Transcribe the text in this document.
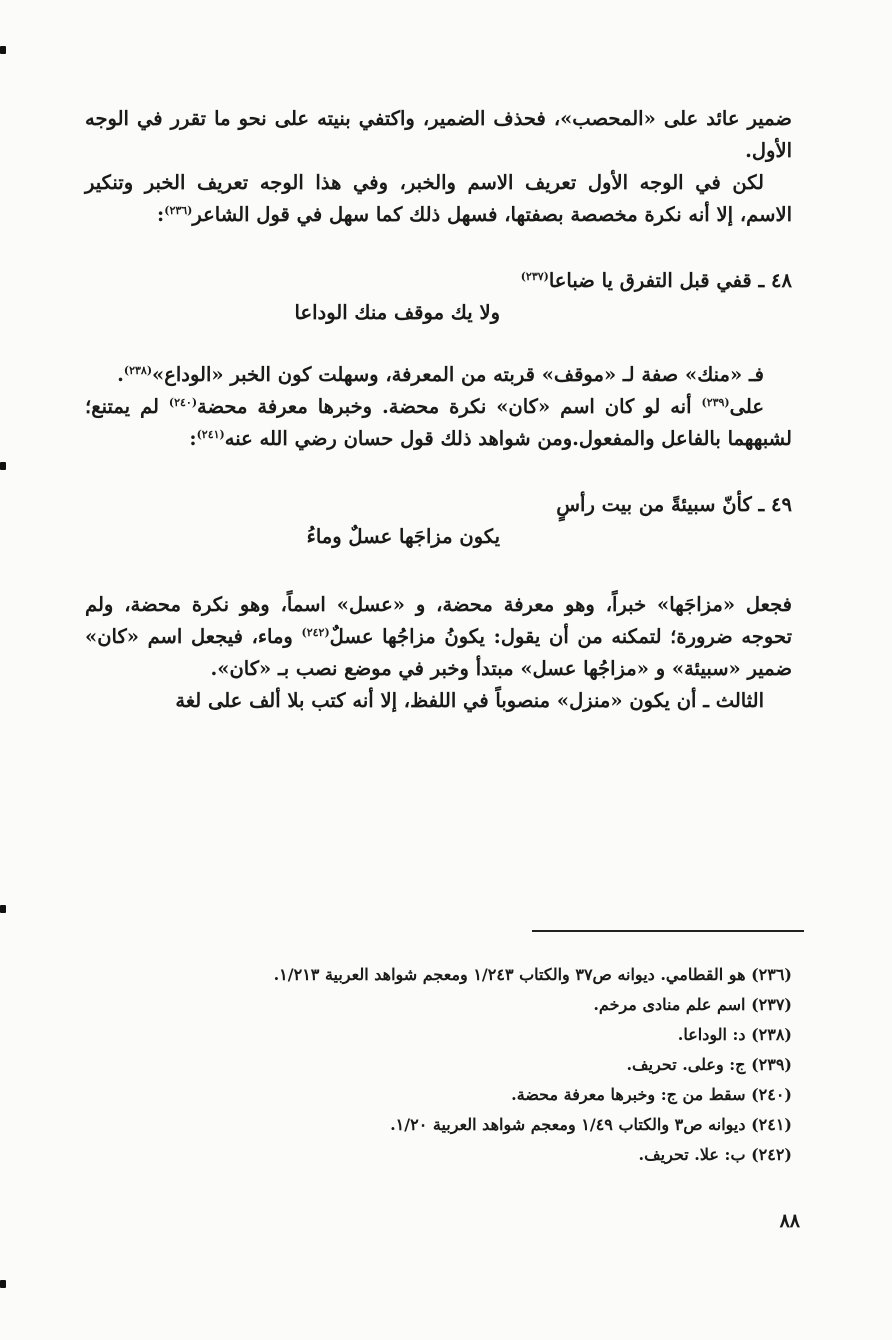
ضمير عائد على «المحصب»، فحذف الضمير، واكتفي بنيته على نحو ما تقرر في الوجه الأول.

لكن في الوجه الأول تعريف الاسم والخبر، وفي هذا الوجه تعريف الخبر وتنكير الاسم، إلا أنه نكرة مخصصة بصفتها، فسهل ذلك كما سهل في قول الشاعر$^{(٢٣٦)}$:

٤٨ ـ قفي قبل التفرق يا ضباعا$^{(٢٣٧)}$
ولا يك موقف منك الوداعا

فـ «منك» صفة لـ «موقف» قربته من المعرفة، وسهلت كون الخبر «الوداع»$^{(٢٣٨)}$.

على$^{(٢٣٩)}$ أنه لو كان اسم «كان» نكرة محضة. وخبرها معرفة محضة$^{(٢٤٠)}$ لم يمتنع؛ لشبههما بالفاعل والمفعول.ومن شواهد ذلك قول حسان رضي الله عنه$^{(٢٤١)}$:

٤٩ ـ كأنّ سبيئةً من بيت رأسٍ
يكون مزاجَها عسلٌ وماءُ

فجعل «مزاجَها» خبراً، وهو معرفة محضة، و «عسل» اسماً، وهو نكرة محضة، ولم تحوجه ضرورة؛ لتمكنه من أن يقول: يكونُ مزاجُها عسلٌ$^{(٢٤٢)}$ وماء، فيجعل اسم «كان» ضمير «سبيئة» و «مزاجُها عسل» مبتدأ وخبر في موضع نصب بـ «كان».

الثالث ـ أن يكون «منزل» منصوباً في اللفظ، إلا أنه كتب بلا ألف على لغة

(٢٣٦) هو القطامي. ديوانه ص٣٧ والكتاب ١/٢٤٣ ومعجم شواهد العربية ١/٢١٣.
(٢٣٧) اسم علم منادى مرخم.
(٢٣٨) د: الوداعا.
(٢٣٩) ج: وعلى. تحريف.
(٢٤٠) سقط من ج: وخبرها معرفة محضة.
(٢٤١) ديوانه ص٣ والكتاب ١/٤٩ ومعجم شواهد العربية ١/٢٠.
(٢٤٢) ب: علا. تحريف.
٨٨
